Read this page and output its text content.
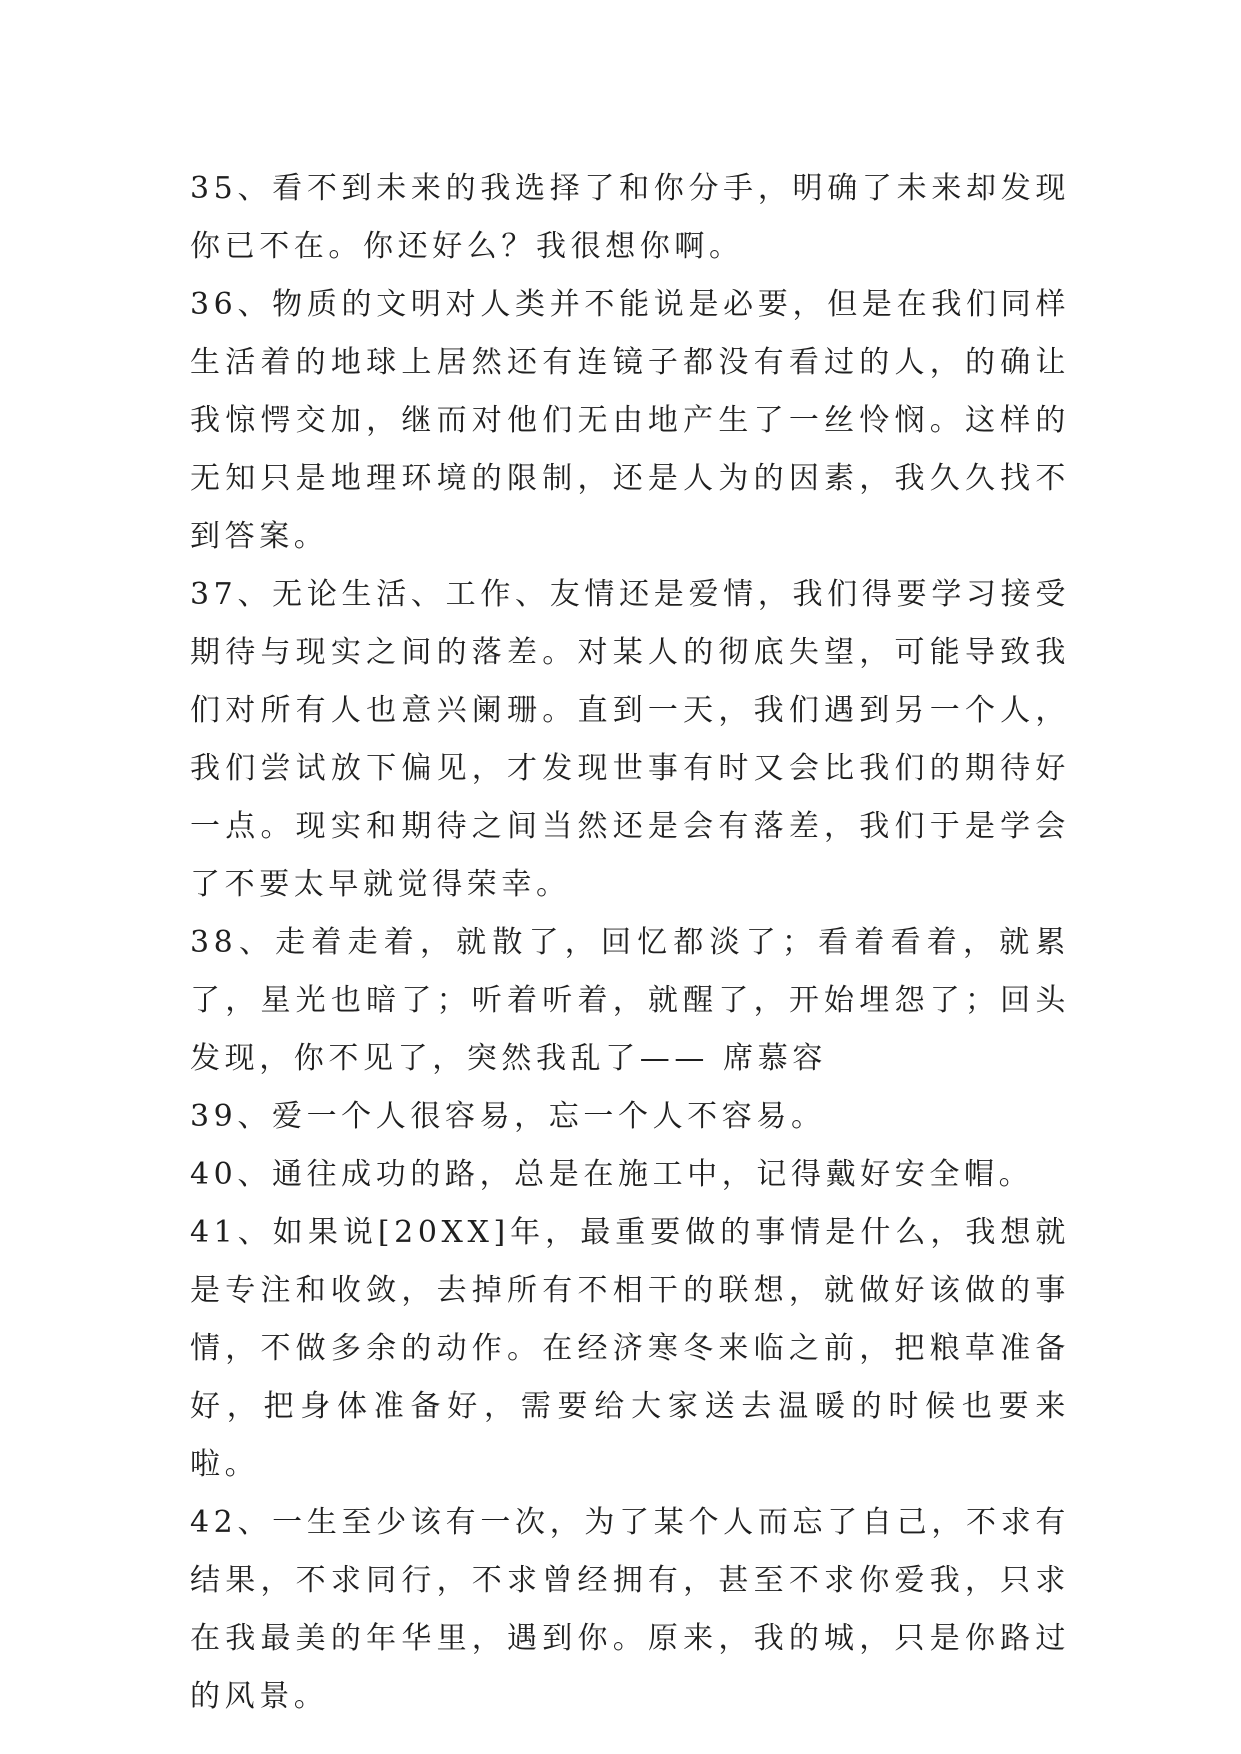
35、看不到未来的我选择了和你分手，明确了未来却发现你已不在。你还好么？我很想你啊。

36、物质的文明对人类并不能说是必要，但是在我们同样生活着的地球上居然还有连镜子都没有看过的人，的确让我惊愕交加，继而对他们无由地产生了一丝怜悯。这样的无知只是地理环境的限制，还是人为的因素，我久久找不到答案。

37、无论生活、工作、友情还是爱情，我们得要学习接受期待与现实之间的落差。对某人的彻底失望，可能导致我们对所有人也意兴阑珊。直到一天，我们遇到另一个人，我们尝试放下偏见，才发现世事有时又会比我们的期待好一点。现实和期待之间当然还是会有落差，我们于是学会了不要太早就觉得荣幸。

38、走着走着，就散了，回忆都淡了；看着看着，就累了，星光也暗了；听着听着，就醒了，开始埋怨了；回头发现，你不见了，突然我乱了—— 席慕容

39、爱一个人很容易，忘一个人不容易。

40、通往成功的路，总是在施工中，记得戴好安全帽。

41、如果说[20XX]年，最重要做的事情是什么，我想就是专注和收敛，去掉所有不相干的联想，就做好该做的事情，不做多余的动作。在经济寒冬来临之前，把粮草准备好，把身体准备好，需要给大家送去温暖的时候也要来啦。

42、一生至少该有一次，为了某个人而忘了自己，不求有结果，不求同行，不求曾经拥有，甚至不求你爱我，只求在我最美的年华里，遇到你。原来，我的城，只是你路过的风景。
